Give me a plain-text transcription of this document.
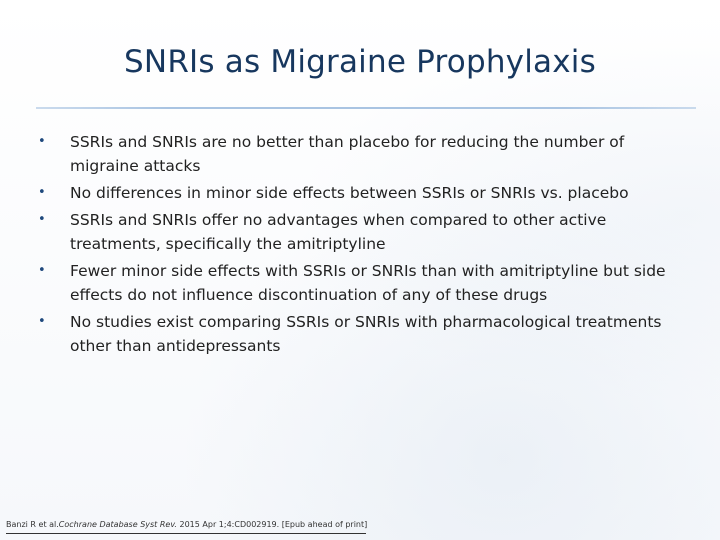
SNRIs as Migraine Prophylaxis
•	SSRIs and SNRIs are no better than placebo for reducing the number of migraine attacks
•	No differences in minor side effects between SSRIs or SNRIs vs. placebo
•	SSRIs and SNRIs offer no advantages when compared to other active treatments, specifically the amitriptyline
•	Fewer minor side effects with SSRIs or SNRIs than with amitriptyline but side effects do not influence discontinuation of any of these drugs
•	No studies exist comparing SSRIs or SNRIs with pharmacological treatments other than antidepressants
Banzi R et al.Cochrane Database Syst Rev. 2015 Apr 1;4:CD002919. [Epub ahead of print]
